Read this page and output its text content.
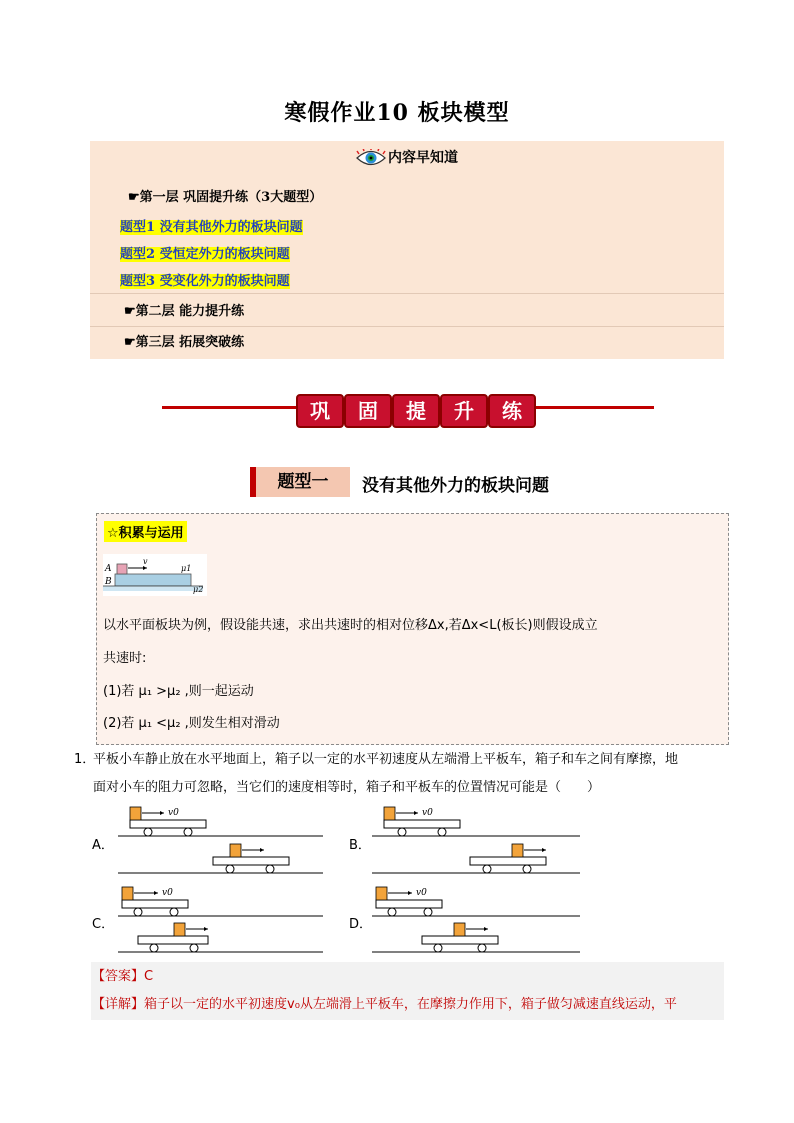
寒假作业10 板块模型
内容早知道
☛第一层 巩固提升练（3大题型）
题型1 没有其他外力的板块问题
题型2 受恒定外力的板块问题
题型3 受变化外力的板块问题
☛第二层 能力提升练
☛第三层 拓展突破练
巩	固	提	升	练
题型一	没有其他外力的板块问题
☆积累与运用
A
B
v
μ1
μ2
以水平面板块为例，假设能共速，求出共速时的相对位移Δx,若Δx<L(板长)则假设成立
共速时:
(1)若 μ₁ >μ₂ ,则一起运动
(2)若 μ₁ <μ₂ ,则发生相对滑动
1．
平板小车静止放在水平地面上，箱子以一定的水平初速度从左端滑上平板车，箱子和车之间有摩擦，地
面对小车的阻力可忽略，当它们的速度相等时，箱子和平板车的位置情况可能是（　　）
A．	B．
C．	D．
v0	v0
v0	v0
【答案】C
【详解】箱子以一定的水平初速度v₀从左端滑上平板车，在摩擦力作用下，箱子做匀减速直线运动，平
